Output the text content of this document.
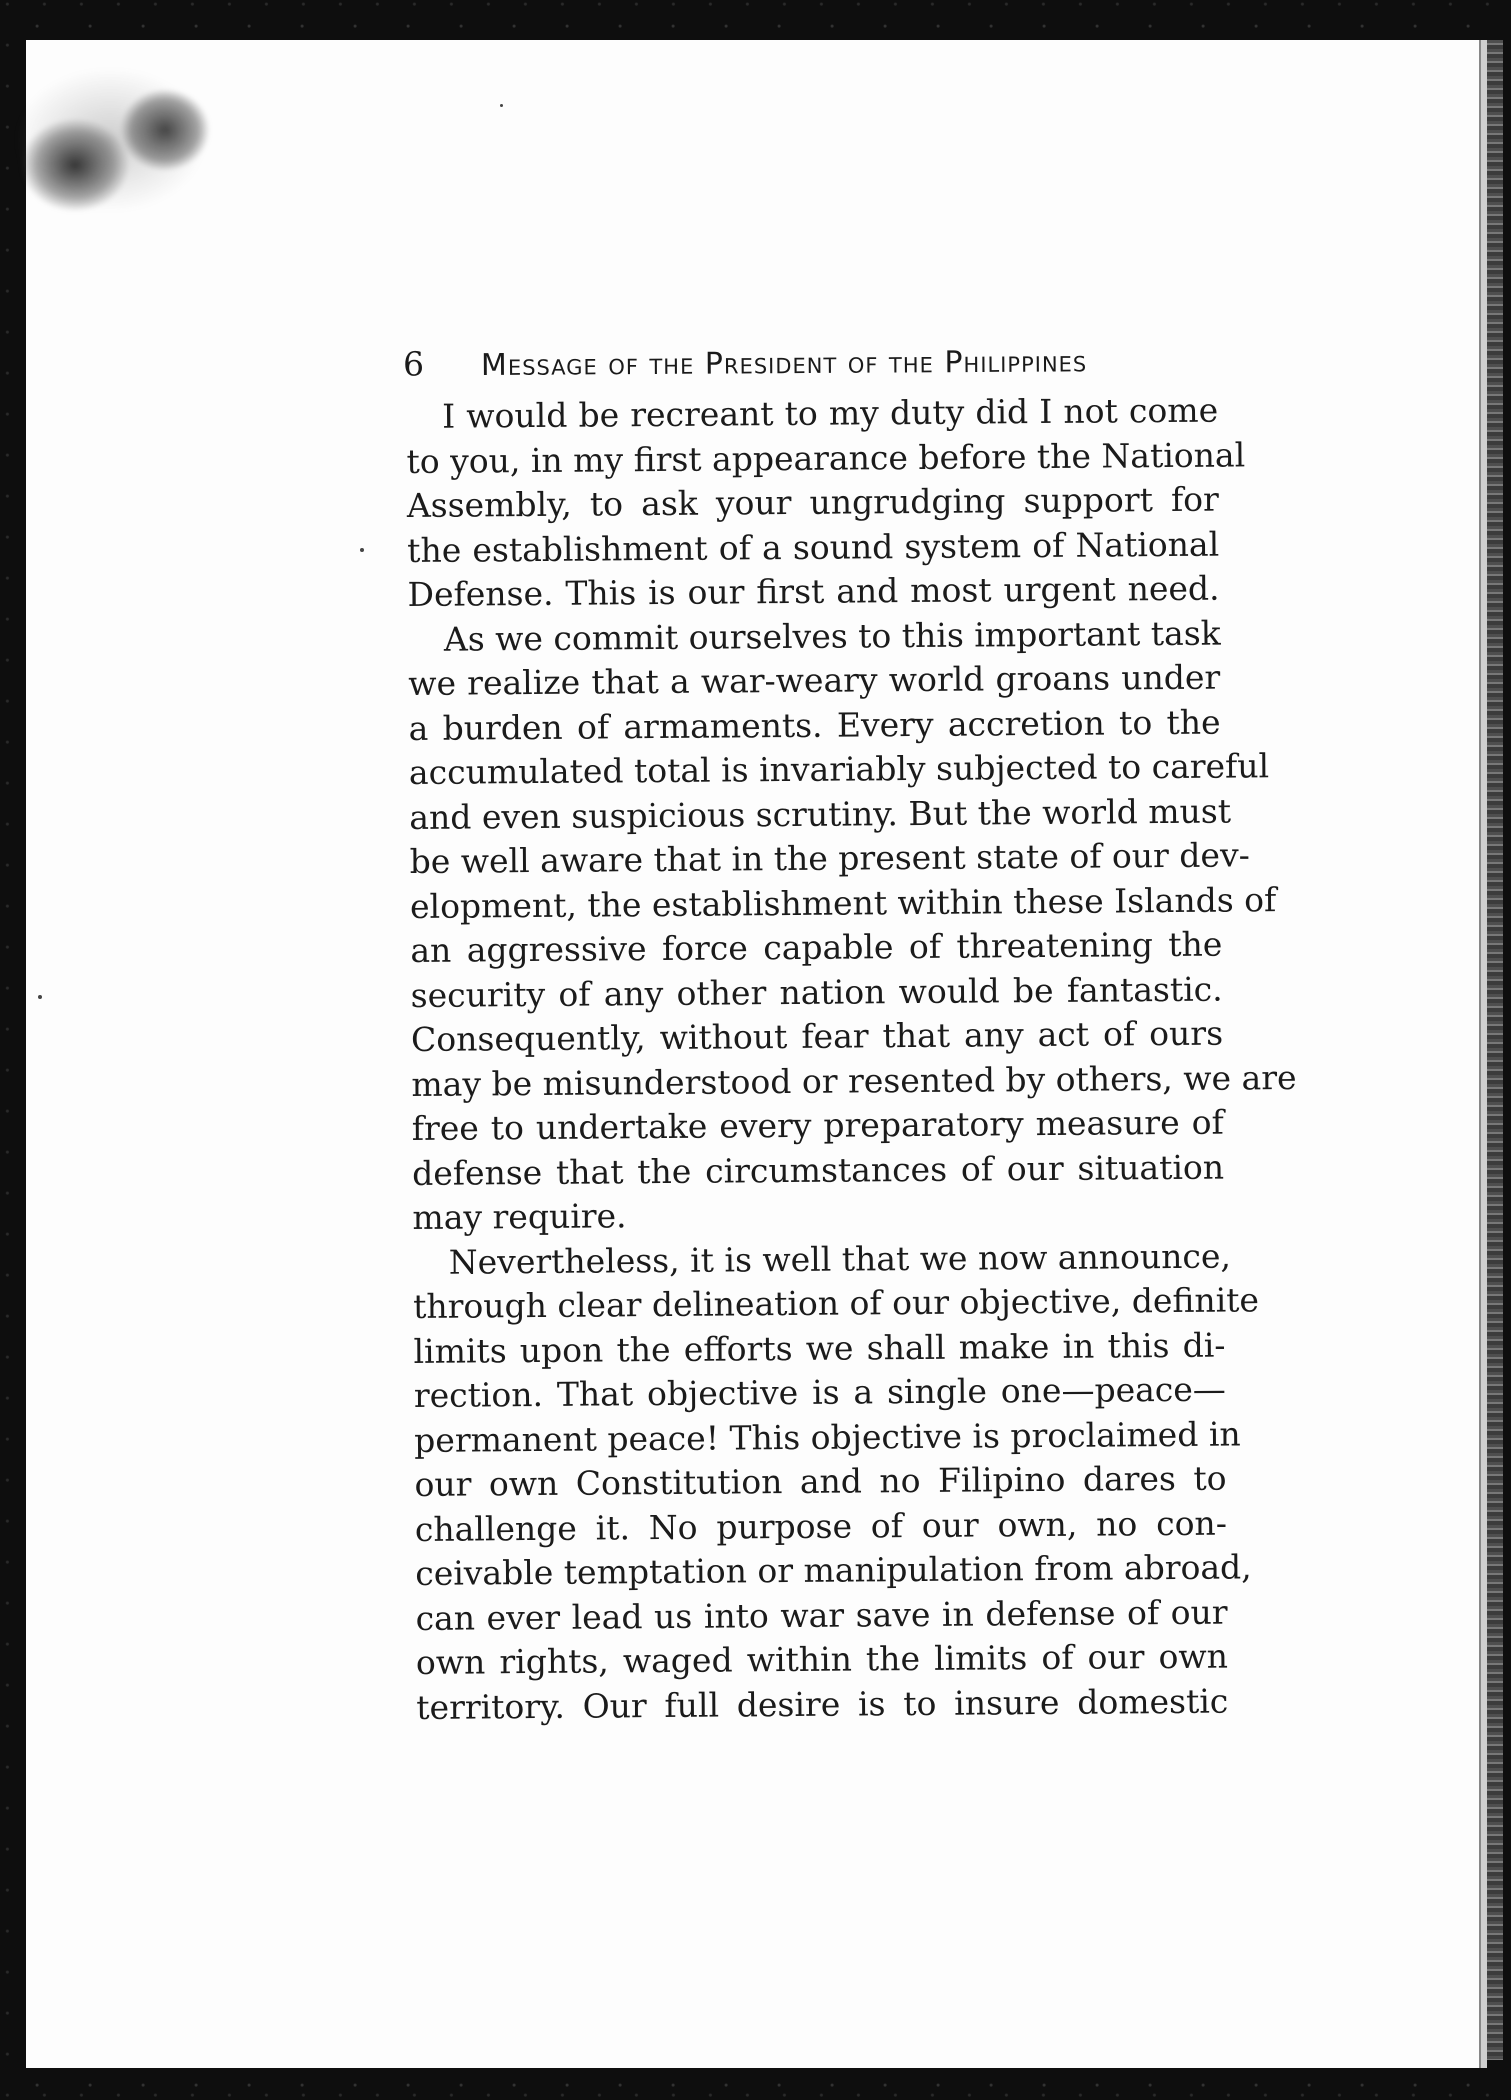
6	Message of the President of the Philippines
I would be recreant to my duty did I not come
to you, in my first appearance before the National
Assembly, to ask your ungrudging support for
the establishment of a sound system of National
Defense. This is our first and most urgent need.
As we commit ourselves to this important task
we realize that a war-weary world groans under
a burden of armaments. Every accretion to the
accumulated total is invariably subjected to careful
and even suspicious scrutiny. But the world must
be well aware that in the present state of our dev-
elopment, the establishment within these Islands of
an aggressive force capable of threatening the
security of any other nation would be fantastic.
Consequently, without fear that any act of ours
may be misunderstood or resented by others, we are
free to undertake every preparatory measure of
defense that the circumstances of our situation
may require.
Nevertheless, it is well that we now announce,
through clear delineation of our objective, definite
limits upon the efforts we shall make in this di-
rection. That objective is a single one—peace—
permanent peace! This objective is proclaimed in
our own Constitution and no Filipino dares to
challenge it. No purpose of our own, no con-
ceivable temptation or manipulation from abroad,
can ever lead us into war save in defense of our
own rights, waged within the limits of our own
territory. Our full desire is to insure domestic
